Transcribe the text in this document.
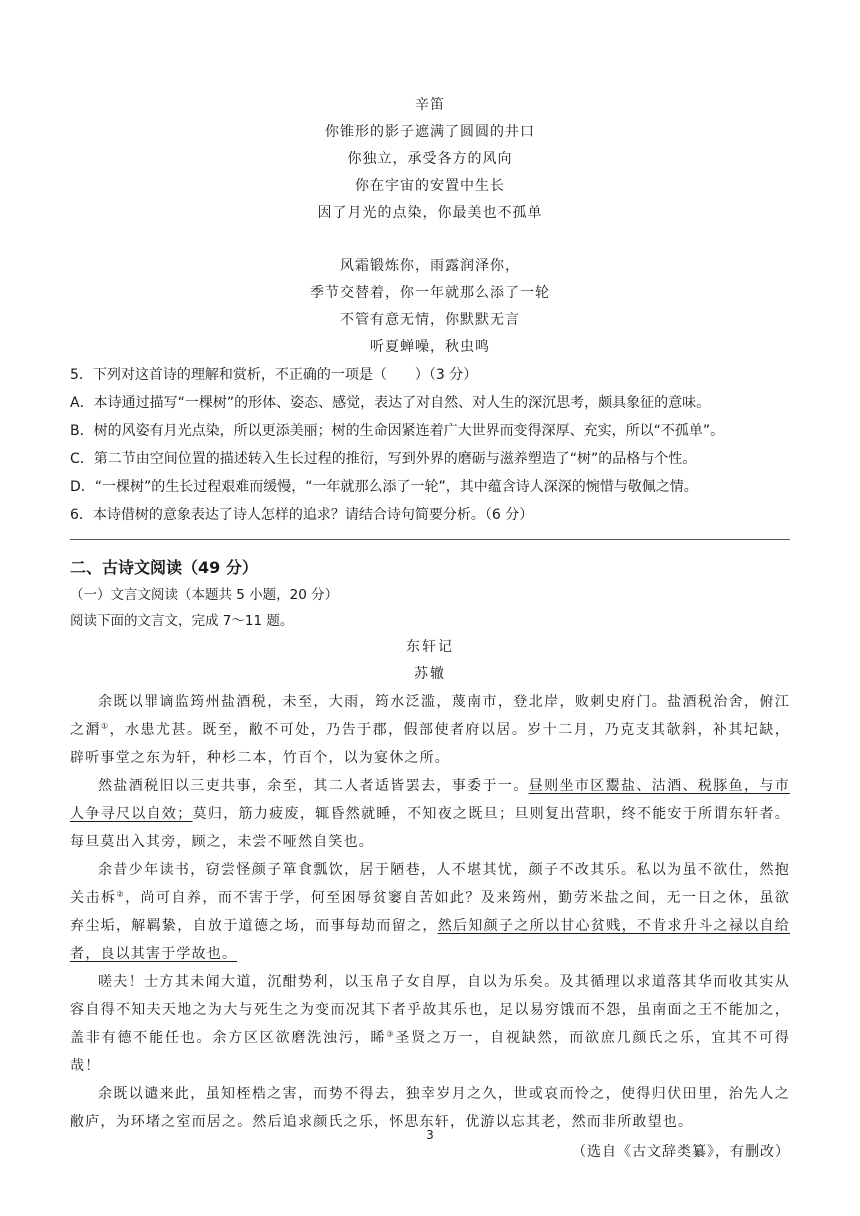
辛笛
你锥形的影子遮满了圆圆的井口
你独立，承受各方的风向
你在宇宙的安置中生长
因了月光的点染，你最美也不孤单
风霜锻炼你，雨露润泽你，
季节交替着，你一年就那么添了一轮
不管有意无情，你默默无言
听夏蝉噪，秋虫鸣
5．下列对这首诗的理解和赏析，不正确的一项是（　　）（3 分）
A．本诗通过描写“一棵树”的形体、姿态、感觉，表达了对自然、对人生的深沉思考，颇具象征的意味。
B．树的风姿有月光点染，所以更添美丽；树的生命因紧连着广大世界而变得深厚、充实，所以“不孤单”。
C．第二节由空间位置的描述转入生长过程的推衍，写到外界的磨砺与滋养塑造了“树”的品格与个性。
D．“一棵树”的生长过程艰难而缓慢，“一年就那么添了一轮”，其中蕴含诗人深深的惋惜与敬佩之情。
6．本诗借树的意象表达了诗人怎样的追求？请结合诗句简要分析。（6 分）
二、古诗文阅读（49 分）
（一）文言文阅读（本题共 5 小题，20 分）
阅读下面的文言文，完成 7～11 题。
东轩记
苏辙

余既以罪谪监筠州盐酒税，未至，大雨，筠水泛滥，蔑南市，登北岸，败刺史府门。盐酒税治舍，俯江之漘①，水患尤甚。既至，敝不可处，乃告于郡，假部使者府以居。岁十二月，乃克支其欹斜，补其圮缺，辟听事堂之东为轩，种杉二本，竹百个，以为宴休之所。

然盐酒税旧以三吏共事，余至，其二人者适皆罢去，事委于一。昼则坐市区鬻盐、沽酒、税豚鱼，与市人争寻尺以自效；莫归，筋力疲废，辄昏然就睡，不知夜之既旦；旦则复出营职，终不能安于所谓东轩者。每旦莫出入其旁，顾之，未尝不哑然自笑也。

余昔少年读书，窃尝怪颜子箪食瓢饮，居于陋巷，人不堪其忧，颜子不改其乐。私以为虽不欲仕，然抱关击柝②，尚可自养，而不害于学，何至困辱贫窭自苦如此？及来筠州，勤劳米盐之间，无一日之休，虽欲弃尘垢，解羁絷，自放于道德之场，而事每劫而留之，然后知颜子之所以甘心贫贱，不肯求升斗之禄以自给者，良以其害于学故也。

嗟夫！士方其未闻大道，沉酣势利，以玉帛子女自厚，自以为乐矣。及其循理以求道落其华而收其实从容自得不知夫天地之为大与死生之为变而况其下者乎故其乐也，足以易穷饿而不怨，虽南面之王不能加之，盖非有德不能任也。余方区区欲磨洗浊污，睎③圣贤之万一，自视缺然，而欲庶几颜氏之乐，宜其不可得哉！

余既以谴来此，虽知桎梏之害，而势不得去，独幸岁月之久，世或哀而怜之，使得归伏田里，治先人之敝庐，为环堵之室而居之。然后追求颜氏之乐，怀思东轩，优游以忘其老，然而非所敢望也。

（选自《古文辞类纂》，有删改）
3
